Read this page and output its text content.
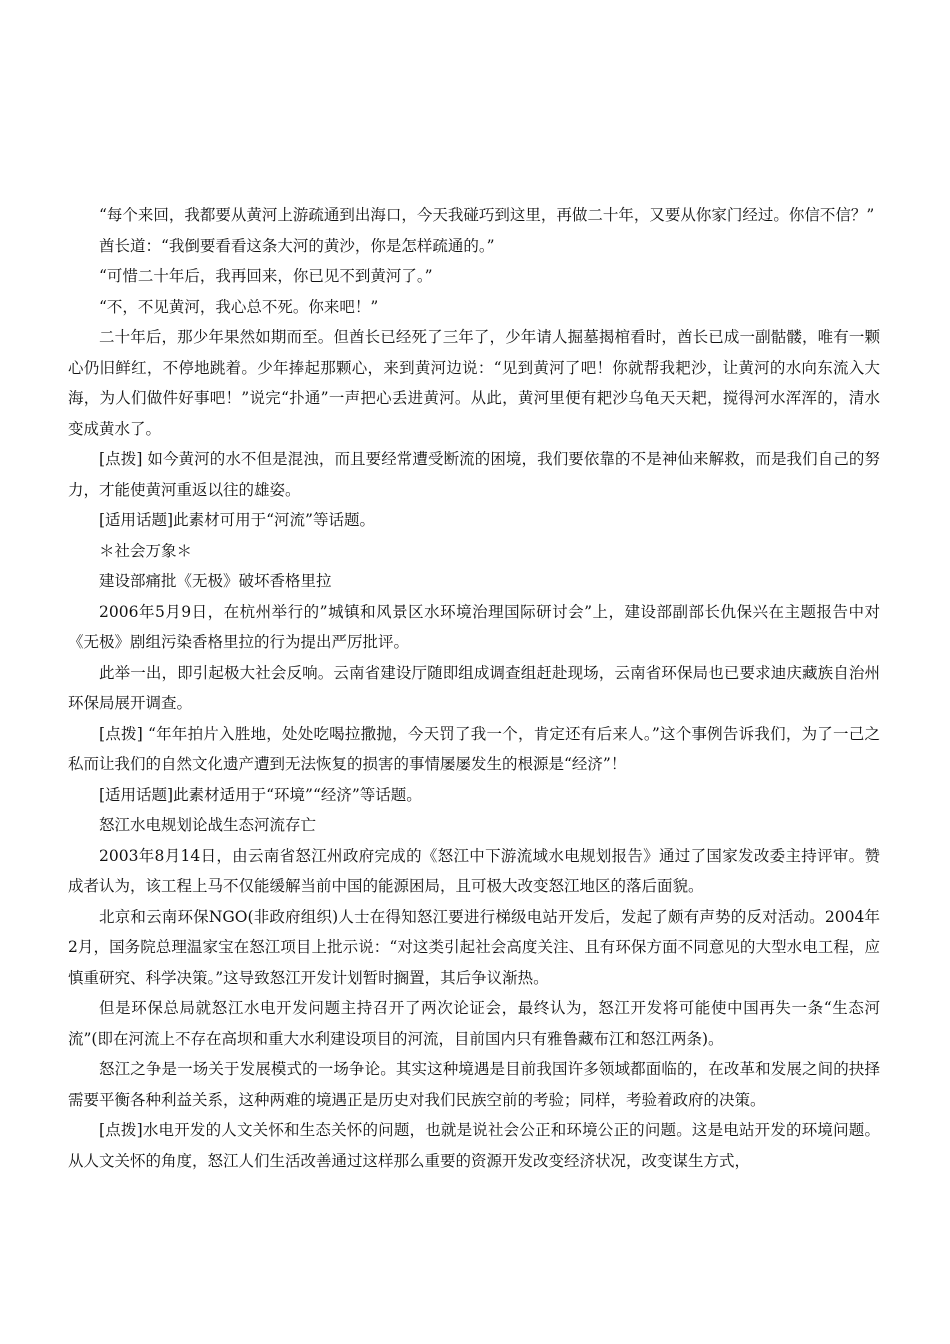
“每个来回，我都要从黄河上游疏通到出海口，今天我碰巧到这里，再做二十年，又要从你家门经过。你信不信？”

酋长道：“我倒要看看这条大河的黄沙，你是怎样疏通的。”

“可惜二十年后，我再回来，你已见不到黄河了。”

“不，不见黄河，我心总不死。你来吧！”

二十年后，那少年果然如期而至。但酋长已经死了三年了，少年请人掘墓揭棺看时，酋长已成一副骷髅，唯有一颗心仍旧鲜红，不停地跳着。少年捧起那颗心，来到黄河边说：“见到黄河了吧！你就帮我耙沙，让黄河的水向东流入大海，为人们做件好事吧！”说完“扑通”一声把心丢进黄河。从此，黄河里便有耙沙乌龟天天耙，搅得河水浑浑的，清水变成黄水了。

[点拨] 如今黄河的水不但是混浊，而且要经常遭受断流的困境，我们要依靠的不是神仙来解救，而是我们自己的努力，才能使黄河重返以往的雄姿。

[适用话题]此素材可用于“河流”等话题。

＊社会万象＊

建设部痛批《无极》破坏香格里拉

2006年5月9日，在杭州举行的”城镇和风景区水环境治理国际研讨会”上，建设部副部长仇保兴在主题报告中对《无极》剧组污染香格里拉的行为提出严厉批评。

此举一出，即引起极大社会反响。云南省建设厅随即组成调查组赶赴现场，云南省环保局也已要求迪庆藏族自治州环保局展开调查。

[点拨] “年年拍片入胜地，处处吃喝拉撒抛，今天罚了我一个，肯定还有后来人。”这个事例告诉我们，为了一己之私而让我们的自然文化遗产遭到无法恢复的损害的事情屡屡发生的根源是“经济”！

[适用话题]此素材适用于“环境”“经济”等话题。

怒江水电规划论战生态河流存亡

2003年8月14日，由云南省怒江州政府完成的《怒江中下游流域水电规划报告》通过了国家发改委主持评审。赞成者认为，该工程上马不仅能缓解当前中国的能源困局，且可极大改变怒江地区的落后面貌。

北京和云南环保NGO(非政府组织)人士在得知怒江要进行梯级电站开发后，发起了颇有声势的反对活动。2004年2月，国务院总理温家宝在怒江项目上批示说：“对这类引起社会高度关注、且有环保方面不同意见的大型水电工程，应慎重研究、科学决策。”这导致怒江开发计划暂时搁置，其后争议渐热。

但是环保总局就怒江水电开发问题主持召开了两次论证会，最终认为，怒江开发将可能使中国再失一条“生态河流”(即在河流上不存在高坝和重大水利建设项目的河流，目前国内只有雅鲁藏布江和怒江两条)。

怒江之争是一场关于发展模式的一场争论。其实这种境遇是目前我国许多领域都面临的，在改革和发展之间的抉择需要平衡各种利益关系，这种两难的境遇正是历史对我们民族空前的考验；同样，考验着政府的决策。

[点拨]水电开发的人文关怀和生态关怀的问题，也就是说社会公正和环境公正的问题。这是电站开发的环境问题。从人文关怀的角度，怒江人们生活改善通过这样那么重要的资源开发改变经济状况，改变谋生方式，
